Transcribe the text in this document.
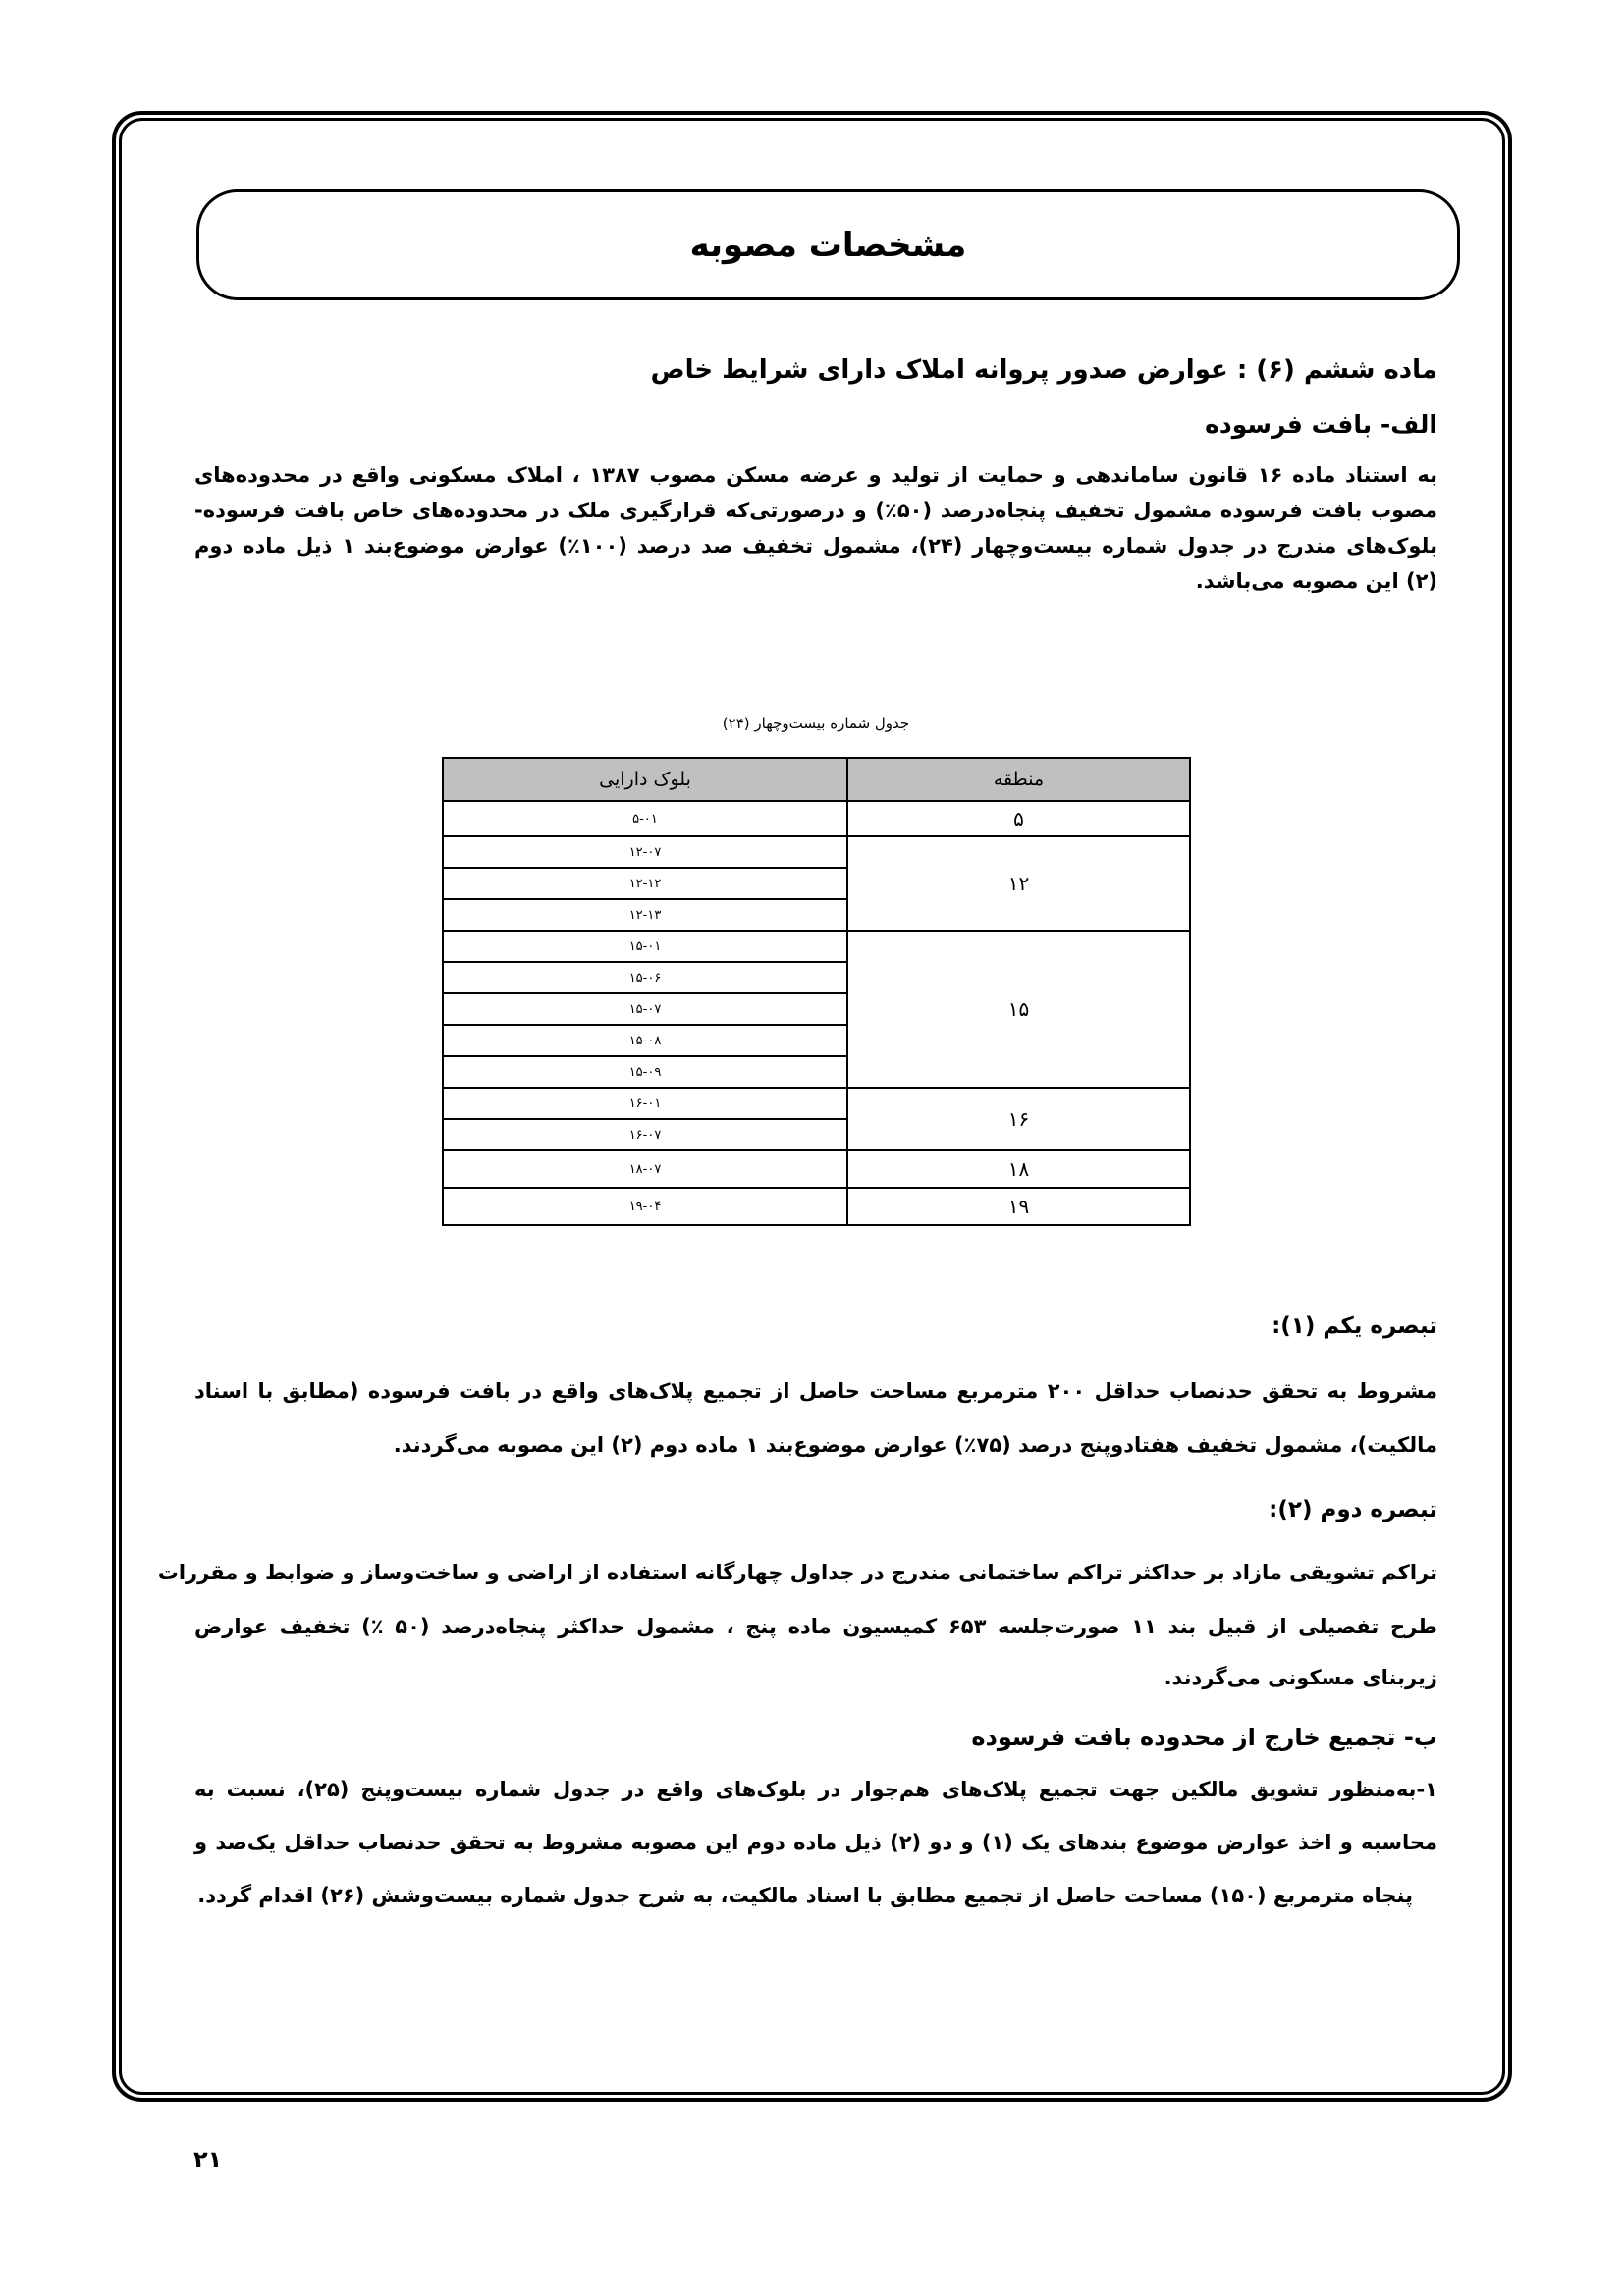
مشخصات مصوبه
ماده ششم (۶) : عوارض صدور پروانه املاک دارای شرایط خاص
الف- بافت فرسوده
به استناد ماده ۱۶ قانون ساماندهی و حمایت از تولید و عرضه مسکن مصوب ۱۳۸۷ ، املاک مسکونی واقع در محدوده‌های
مصوب بافت فرسوده مشمول تخفیف پنجاه‌درصد (۵۰٪) و درصورتی‌که قرارگیری ملک در محدوده‌های خاص بافت فرسوده-
بلوک‌های مندرج در جدول شماره بیست‌وچهار (۲۴)، مشمول تخفیف صد درصد (۱۰۰٪) عوارض موضوع‌بند ۱ ذیل ماده دوم
(۲) این مصوبه می‌باشد.
جدول شماره بیست‌وچهار (۲۴)
منطقه	بلوک دارایی
۵	۵-۰۱
۱۲	۱۲-۰۷
	۱۲-۱۲
	۱۲-۱۳
۱۵	۱۵-۰۱
	۱۵-۰۶
	۱۵-۰۷
	۱۵-۰۸
	۱۵-۰۹
۱۶	۱۶-۰۱
	۱۶-۰۷
۱۸	۱۸-۰۷
۱۹	۱۹-۰۴
تبصره یکم (۱):
مشروط به تحقق حدنصاب حداقل ۲۰۰ مترمربع مساحت حاصل از تجمیع پلاک‌های واقع در بافت فرسوده (مطابق با اسناد
مالکیت)، مشمول تخفیف هفتادوپنج درصد (۷۵٪) عوارض موضوع‌بند ۱ ماده دوم (۲) این مصوبه می‌گردند.
تبصره دوم (۲):
تراکم تشویقی مازاد بر حداکثر تراکم ساختمانی مندرج در جداول چهارگانه استفاده از اراضی و ساخت‌وساز و ضوابط و مقررات
طرح تفصیلی از قبیل بند ۱۱ صورت‌جلسه ۶۵۳ کمیسیون ماده پنج ، مشمول حداکثر پنجاه‌درصد (۵۰ ٪) تخفیف عوارض
زیربنای مسکونی می‌گردند.
ب- تجمیع خارج از محدوده بافت فرسوده
۱-به‌منظور تشویق مالکین جهت تجمیع پلاک‌های هم‌جوار در بلوک‌های واقع در جدول شماره بیست‌وپنج (۲۵)، نسبت به
محاسبه و اخذ عوارض موضوع بندهای یک (۱) و دو (۲) ذیل ماده دوم این مصوبه مشروط به تحقق حدنصاب حداقل یک‌صد و
پنجاه مترمربع (۱۵۰) مساحت حاصل از تجمیع مطابق با اسناد مالکیت، به شرح جدول شماره بیست‌وشش (۲۶) اقدام گردد.
۲۱
